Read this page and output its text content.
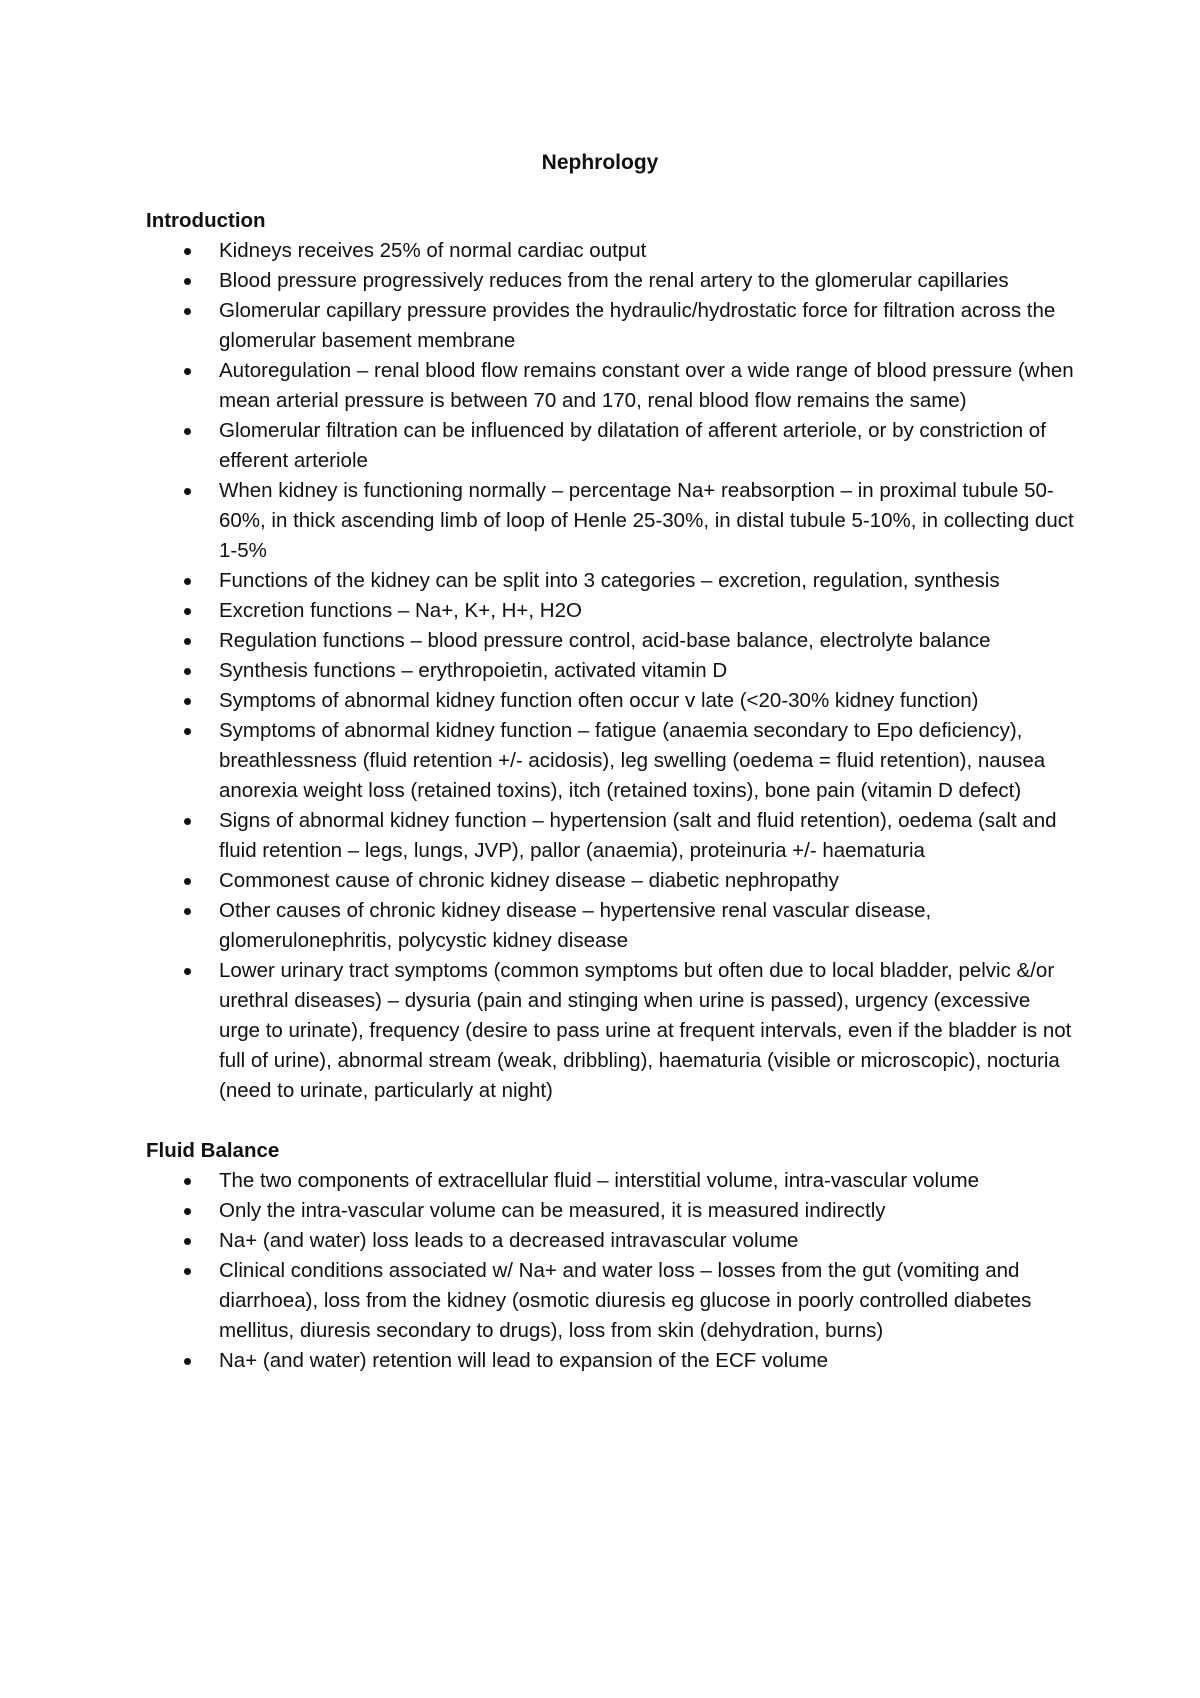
Nephrology
Introduction
Kidneys receives 25% of normal cardiac output
Blood pressure progressively reduces from the renal artery to the glomerular capillaries
Glomerular capillary pressure provides the hydraulic/hydrostatic force for filtration across the glomerular basement membrane
Autoregulation – renal blood flow remains constant over a wide range of blood pressure (when mean arterial pressure is between 70 and 170, renal blood flow remains the same)
Glomerular filtration can be influenced by dilatation of afferent arteriole, or by constriction of efferent arteriole
When kidney is functioning normally – percentage Na+ reabsorption – in proximal tubule 50-60%, in thick ascending limb of loop of Henle 25-30%, in distal tubule 5-10%, in collecting duct 1-5%
Functions of the kidney can be split into 3 categories – excretion, regulation, synthesis
Excretion functions – Na+, K+, H+, H2O
Regulation functions – blood pressure control, acid-base balance, electrolyte balance
Synthesis functions – erythropoietin, activated vitamin D
Symptoms of abnormal kidney function often occur v late (<20-30% kidney function)
Symptoms of abnormal kidney function – fatigue (anaemia secondary to Epo deficiency), breathlessness (fluid retention +/- acidosis), leg swelling (oedema = fluid retention), nausea anorexia weight loss (retained toxins), itch (retained toxins), bone pain (vitamin D defect)
Signs of abnormal kidney function – hypertension (salt and fluid retention), oedema (salt and fluid retention – legs, lungs, JVP), pallor (anaemia), proteinuria +/- haematuria
Commonest cause of chronic kidney disease – diabetic nephropathy
Other causes of chronic kidney disease – hypertensive renal vascular disease, glomerulonephritis, polycystic kidney disease
Lower urinary tract symptoms (common symptoms but often due to local bladder, pelvic &/or urethral diseases) – dysuria (pain and stinging when urine is passed), urgency (excessive urge to urinate), frequency (desire to pass urine at frequent intervals, even if the bladder is not full of urine), abnormal stream (weak, dribbling), haematuria (visible or microscopic), nocturia (need to urinate, particularly at night)
Fluid Balance
The two components of extracellular fluid – interstitial volume, intra-vascular volume
Only the intra-vascular volume can be measured, it is measured indirectly
Na+ (and water) loss leads to a decreased intravascular volume
Clinical conditions associated w/ Na+ and water loss – losses from the gut (vomiting and diarrhoea), loss from the kidney (osmotic diuresis eg glucose in poorly controlled diabetes mellitus, diuresis secondary to drugs), loss from skin (dehydration, burns)
Na+ (and water) retention will lead to expansion of the ECF volume
